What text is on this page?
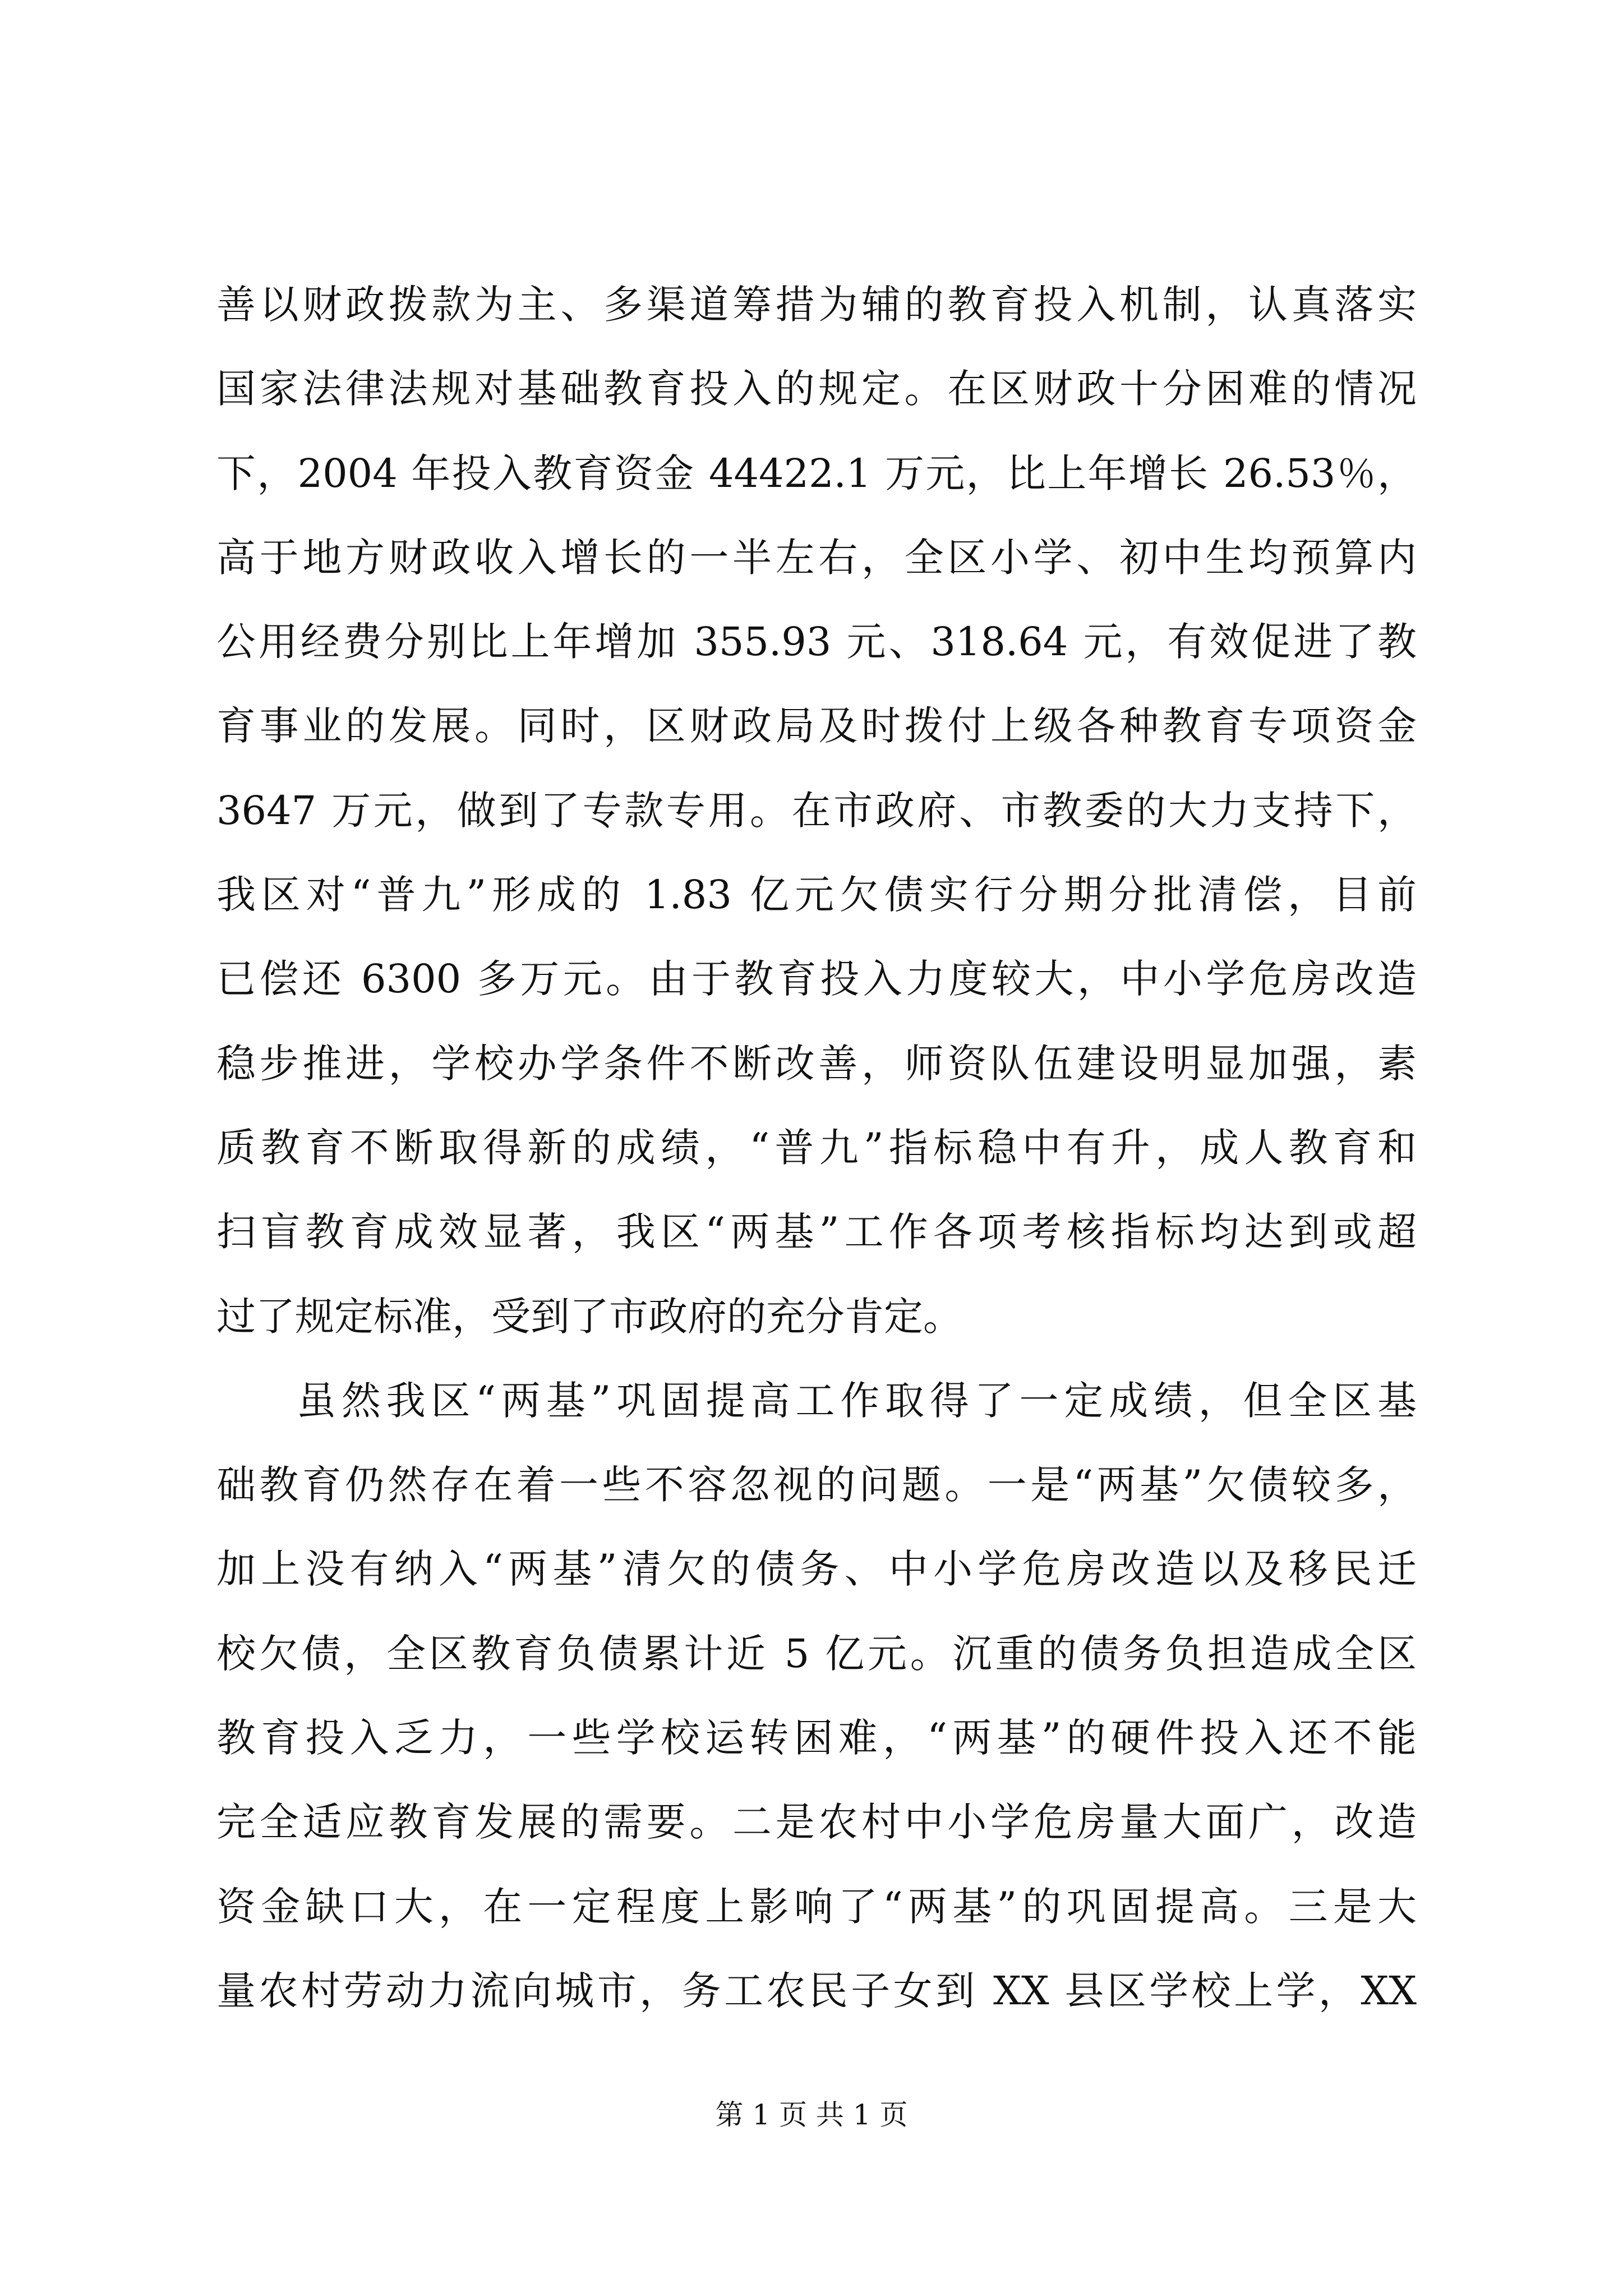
善以财政拨款为主、多渠道筹措为辅的教育投入机制，认真落实
国家法律法规对基础教育投入的规定。在区财政十分困难的情况
下，2004 年投入教育资金 44422.1 万元，比上年增长 26.53％，
高于地方财政收入增长的一半左右，全区小学、初中生均预算内
公用经费分别比上年增加 355.93 元、318.64 元，有效促进了教
育事业的发展。同时，区财政局及时拨付上级各种教育专项资金
3647 万元，做到了专款专用。在市政府、市教委的大力支持下，
我区对“普九”形成的 1.83 亿元欠债实行分期分批清偿，目前
已偿还 6300 多万元。由于教育投入力度较大，中小学危房改造
稳步推进，学校办学条件不断改善，师资队伍建设明显加强，素
质教育不断取得新的成绩，“普九”指标稳中有升，成人教育和
扫盲教育成效显著，我区“两基”工作各项考核指标均达到或超
过了规定标准，受到了市政府的充分肯定。
虽然我区“两基”巩固提高工作取得了一定成绩，但全区基
础教育仍然存在着一些不容忽视的问题。一是“两基”欠债较多，
加上没有纳入“两基”清欠的债务、中小学危房改造以及移民迁
校欠债，全区教育负债累计近 5 亿元。沉重的债务负担造成全区
教育投入乏力，一些学校运转困难，“两基”的硬件投入还不能
完全适应教育发展的需要。二是农村中小学危房量大面广，改造
资金缺口大，在一定程度上影响了“两基”的巩固提高。三是大
量农村劳动力流向城市，务工农民子女到 XX 县区学校上学，XX
第 1 页 共 1 页
